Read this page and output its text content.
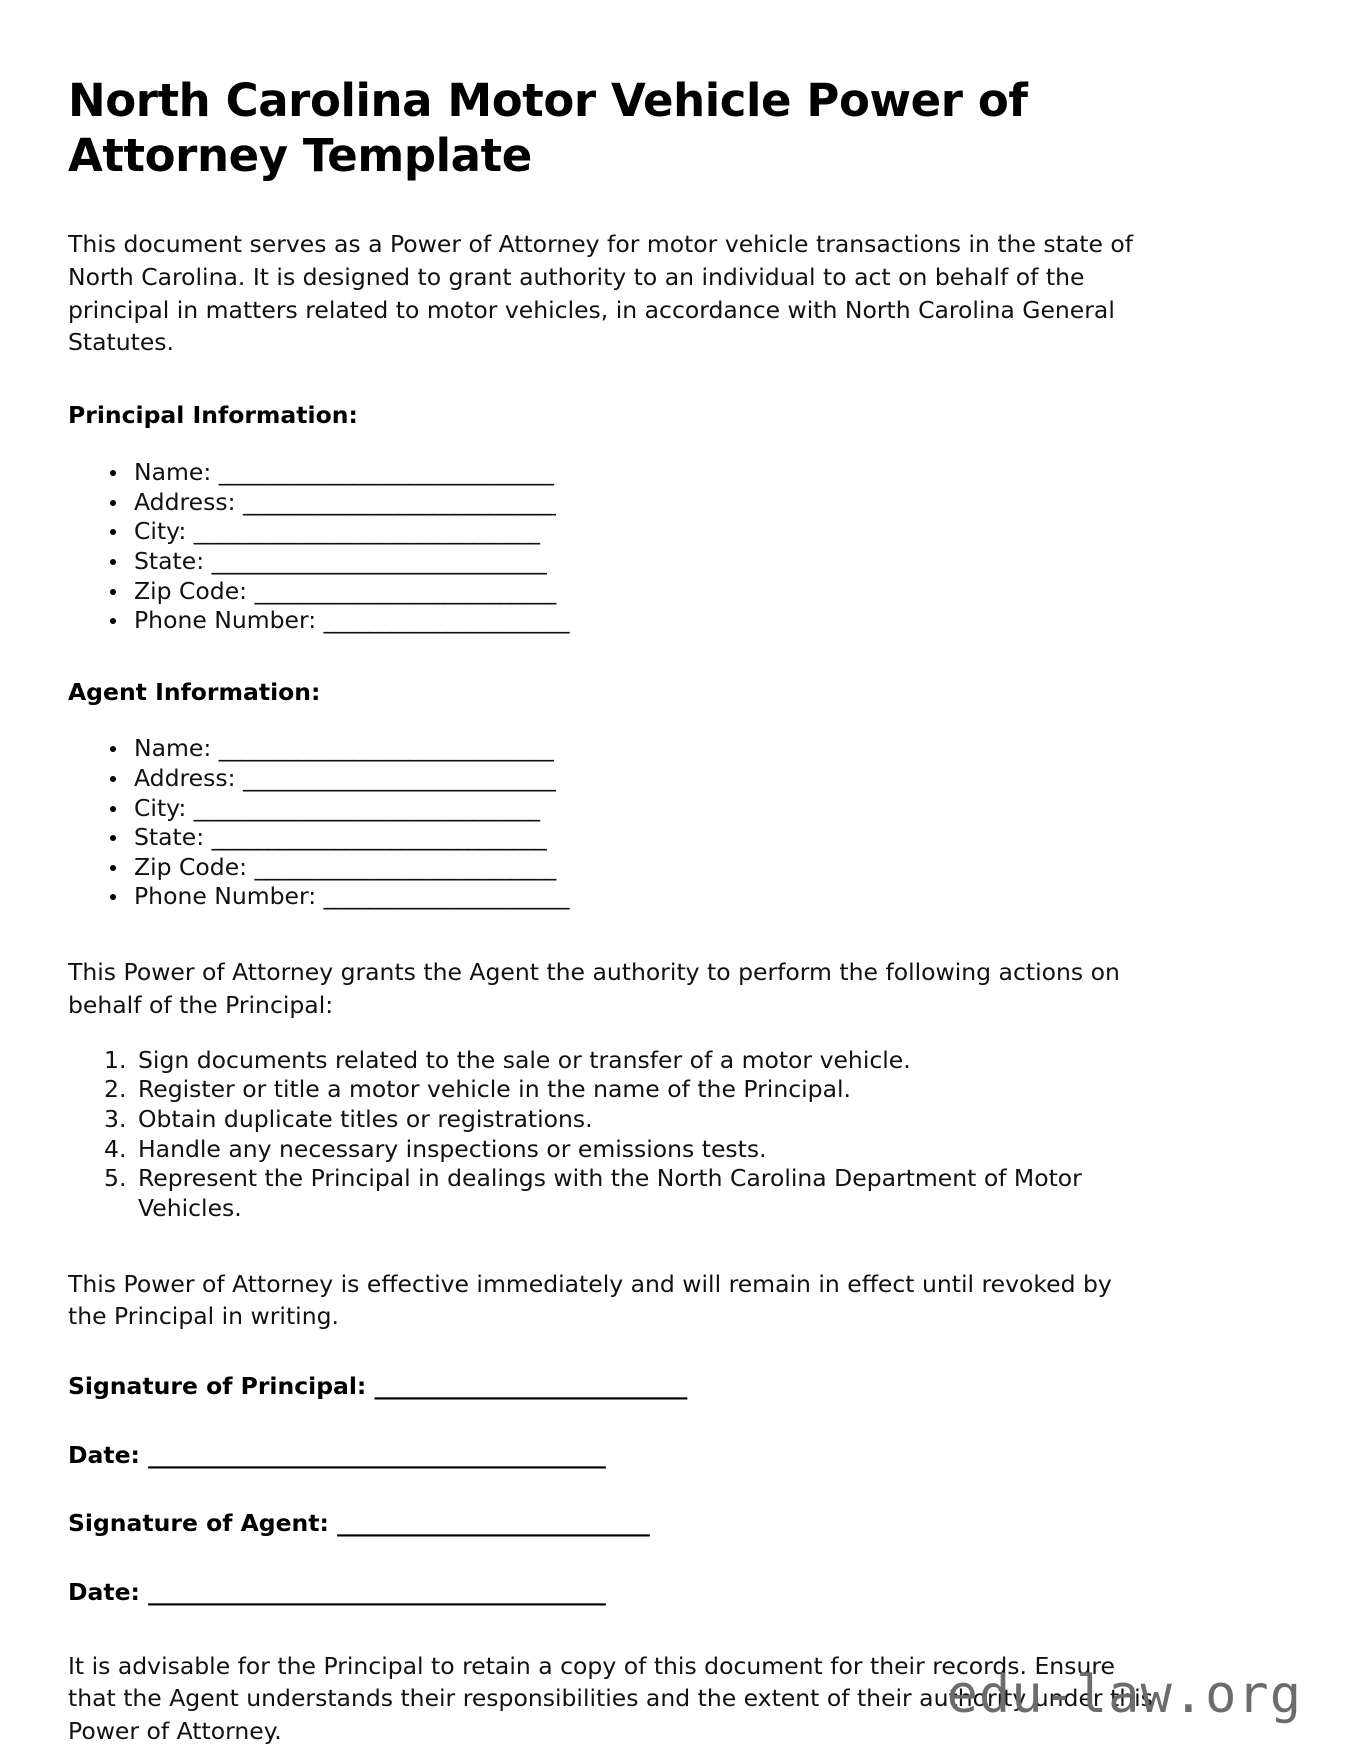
North Carolina Motor Vehicle Power of Attorney Template

This document serves as a Power of Attorney for motor vehicle transactions in the state of North Carolina. It is designed to grant authority to an individual to act on behalf of the principal in matters related to motor vehicles, in accordance with North Carolina General Statutes.

Principal Information:
Name: ______________________________
Address: ____________________________
City: _______________________________
State: ______________________________
Zip Code: ___________________________
Phone Number: ______________________
Agent Information:
Name: ______________________________
Address: ____________________________
City: _______________________________
State: ______________________________
Zip Code: ___________________________
Phone Number: ______________________

This Power of Attorney grants the Agent the authority to perform the following actions on behalf of the Principal:

Sign documents related to the sale or transfer of a motor vehicle.
Register or title a motor vehicle in the name of the Principal.
Obtain duplicate titles or registrations.
Handle any necessary inspections or emissions tests.
Represent the Principal in dealings with the North Carolina Department of Motor Vehicles.

This Power of Attorney is effective immediately and will remain in effect until revoked by the Principal in writing.

Signature of Principal: ____________________________
Date: _________________________________________
Signature of Agent: ____________________________
Date: _________________________________________

It is advisable for the Principal to retain a copy of this document for their records. Ensure that the Agent understands their responsibilities and the extent of their authority under this Power of Attorney.

edu-law.org
